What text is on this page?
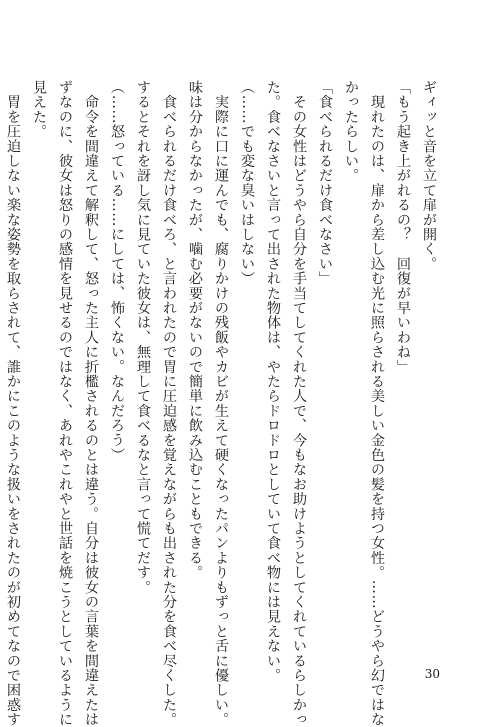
ギィッと音を立て扉が開く。
「もう起き上がれるの？　回復が早いわね」
　現れたのは、扉から差し込む光に照らされる美しい金色の髪を持つ女性。……どうやら幻ではな
かったらしい。
「食べられるだけ食べなさい」
　その女性はどうやら自分を手当てしてくれた人で、今もなお助けようとしてくれているらしかっ
た。食べなさいと言って出された物体は、やたらドロドロとしていて食べ物には見えない。
（……でも変な臭いはしない）
　実際に口に運んでも、腐りかけの残飯やカビが生えて硬くなったパンよりもずっと舌に優しい。
味は分からなかったが、噛む必要がないので簡単に飲み込むこともできる。
　食べられるだけ食べろ、と言われたので胃に圧迫感を覚えながらも出された分を食べ尽くした。
するとそれを訝し気に見ていた彼女は、無理して食べるなと言って慌てだす。
（……怒っている……にしては、怖くない。なんだろう）
　命令を間違えて解釈して、怒った主人に折檻されるのとは違う。自分は彼女の言葉を間違えたは
ずなのに、彼女は怒りの感情を見せるのではなく、あれやこれやと世話を焼こうとしているように
見えた。
　胃を圧迫しない楽な姿勢を取らされて、誰かにこのような扱いをされたのが初めてなので困惑す	30
